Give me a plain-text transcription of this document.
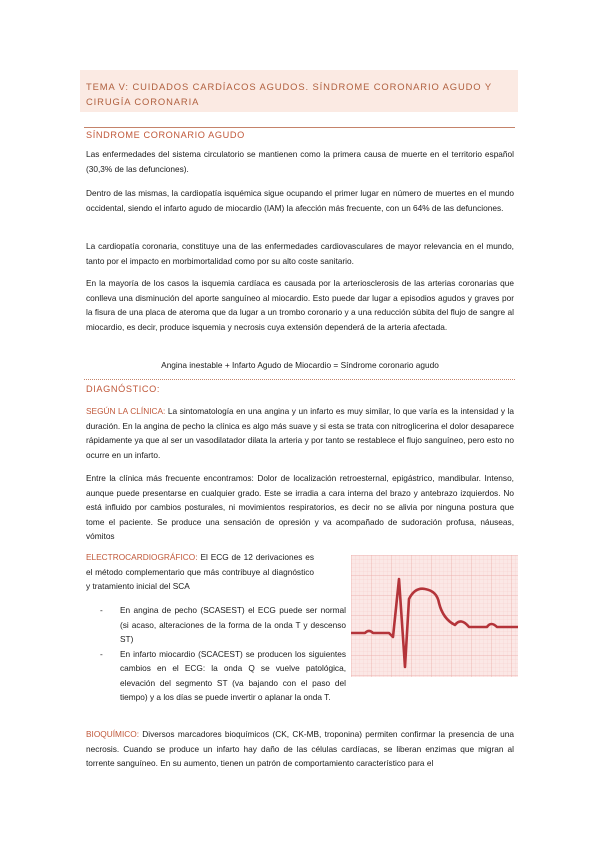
TEMA V: CUIDADOS CARDÍACOS AGUDOS. SÍNDROME CORONARIO AGUDO Y CIRUGÍA CORONARIA
SÍNDROME CORONARIO AGUDO
Las enfermedades del sistema circulatorio se mantienen como la primera causa de muerte en el territorio español (30,3% de las defunciones).
Dentro de las mismas, la cardiopatía isquémica sigue ocupando el primer lugar en número de muertes en el mundo occidental, siendo el infarto agudo de miocardio (IAM) la afección más frecuente, con un 64% de las defunciones.
La cardiopatía coronaria, constituye una de las enfermedades cardiovasculares de mayor relevancia en el mundo, tanto por el impacto en morbimortalidad como por su alto coste sanitario.
En la mayoría de los casos la isquemia cardíaca es causada por la arteriosclerosis de las arterias coronarias que conlleva una disminución del aporte sanguíneo al miocardio. Esto puede dar lugar a episodios agudos y graves por la fisura de una placa de ateroma que da lugar a un trombo coronario y a una reducción súbita del flujo de sangre al miocardio, es decir, produce isquemia y necrosis cuya extensión dependerá de la arteria afectada.
Angina inestable + Infarto Agudo de Miocardio = Síndrome coronario agudo
DIAGNÓSTICO:
SEGÚN LA CLÍNICA: La sintomatología en una angina y un infarto es muy similar, lo que varía es la intensidad y la duración. En la angina de pecho la clínica es algo más suave y si esta se trata con nitroglicerina el dolor desaparece rápidamente ya que al ser un vasodilatador dilata la arteria y por tanto se restablece el flujo sanguíneo, pero esto no ocurre en un infarto.
Entre la clínica más frecuente encontramos: Dolor de localización retroesternal, epigástrico, mandibular. Intenso, aunque puede presentarse en cualquier grado. Este se irradia a cara interna del brazo y antebrazo izquierdos. No está influido por cambios posturales, ni movimientos respiratorios, es decir no se alivia por ninguna postura que tome el paciente. Se produce una sensación de opresión y va acompañado de sudoración profusa, náuseas, vómitos
ELECTROCARDIOGRÁFICO: El ECG de 12 derivaciones es el método complementario que más contribuye al diagnóstico y tratamiento inicial del SCA
- En angina de pecho (SCASEST) el ECG puede ser normal (si acaso, alteraciones de la forma de la onda T y descenso ST)
- En infarto miocardio (SCACEST) se producen los siguientes cambios en el ECG: la onda Q se vuelve patológica, elevación del segmento ST (va bajando con el paso del tiempo) y a los días se puede invertir o aplanar la onda T.
BIOQUÍMICO: Diversos marcadores bioquímicos (CK, CK-MB, troponina) permiten confirmar la presencia de una necrosis. Cuando se produce un infarto hay daño de las células cardíacas, se liberan enzimas que migran al torrente sanguíneo. En su aumento, tienen un patrón de comportamiento característico para el
